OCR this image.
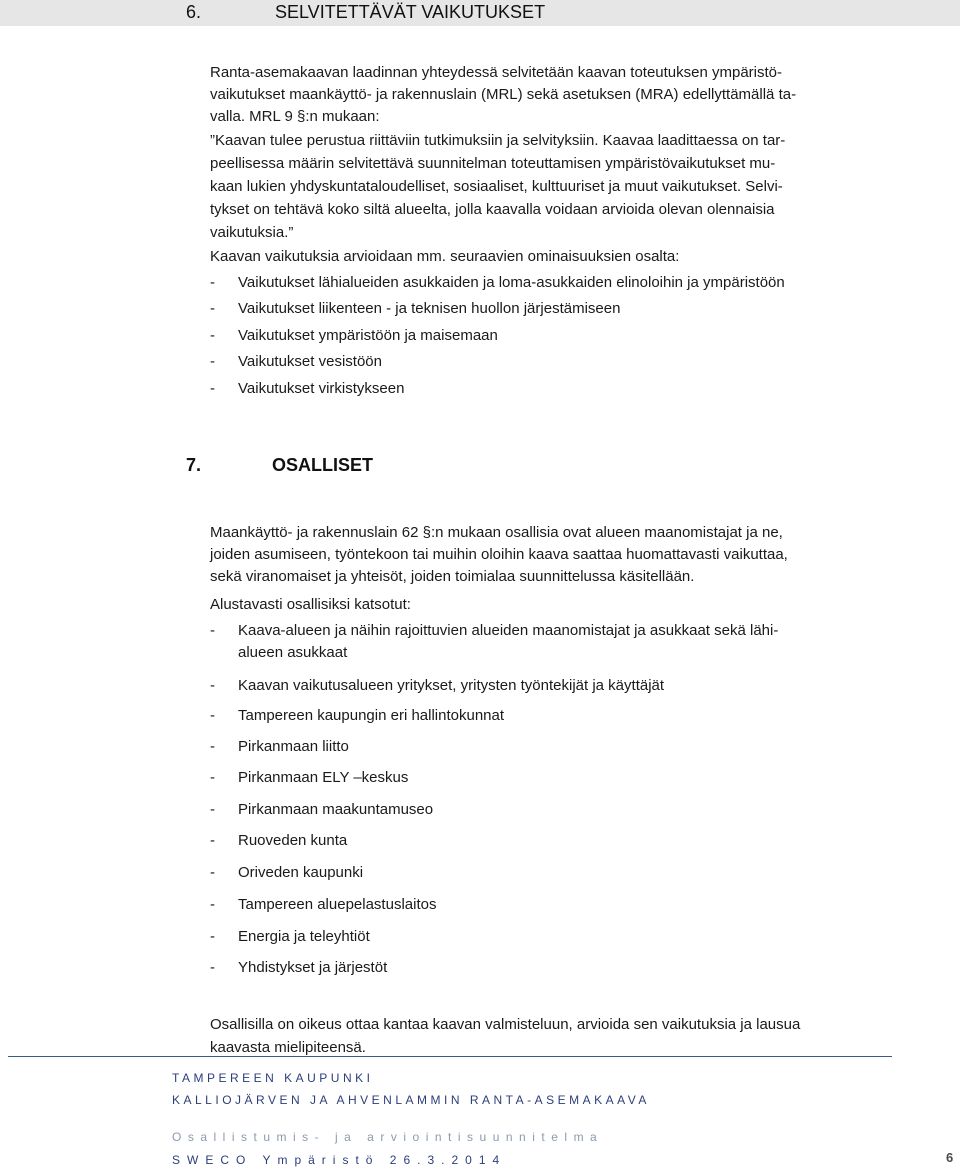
6.	SELVITETTÄVÄT VAIKUTUKSET
Ranta-asemakaavan laadinnan yhteydessä selvitetään kaavan toteutuksen ympäristö-
vaikutukset maankäyttö- ja rakennuslain (MRL) sekä asetuksen (MRA) edellyttämällä ta-
valla. MRL 9 §:n mukaan:
”Kaavan tulee perustua riittäviin tutkimuksiin ja selvityksiin. Kaavaa laadittaessa on tar-
peellisessa määrin selvitettävä suunnitelman toteuttamisen ympäristövaikutukset mu-
kaan lukien yhdyskuntataloudelliset, sosiaaliset, kulttuuriset ja muut vaikutukset. Selvi-
tykset on tehtävä koko siltä alueelta, jolla kaavalla voidaan arvioida olevan olennaisia
vaikutuksia.”
Kaavan vaikutuksia arvioidaan mm. seuraavien ominaisuuksien osalta:
- Vaikutukset lähialueiden asukkaiden ja loma-asukkaiden elinoloihin ja ympäristöön
- Vaikutukset liikenteen - ja teknisen huollon järjestämiseen
- Vaikutukset ympäristöön ja maisemaan
- Vaikutukset vesistöön
- Vaikutukset virkistykseen
7.	OSALLISET
Maankäyttö- ja rakennuslain 62 §:n mukaan osallisia ovat alueen maanomistajat ja ne,
joiden asumiseen, työntekoon tai muihin oloihin kaava saattaa huomattavasti vaikuttaa,
sekä viranomaiset ja yhteisöt, joiden toimialaa suunnittelussa käsitellään.
Alustavasti osallisiksi katsotut:
- Kaava-alueen ja näihin rajoittuvien alueiden maanomistajat ja asukkaat sekä lähi-
alueen asukkaat
- Kaavan vaikutusalueen yritykset, yritysten työntekijät ja käyttäjät
- Tampereen kaupungin eri hallintokunnat
- Pirkanmaan liitto
- Pirkanmaan ELY –keskus
- Pirkanmaan maakuntamuseo
- Ruoveden kunta
- Oriveden kaupunki
- Tampereen aluepelastuslaitos
- Energia ja teleyhtiöt
- Yhdistykset ja järjestöt
Osallisilla on oikeus ottaa kantaa kaavan valmisteluun, arvioida sen vaikutuksia ja lausua
kaavasta mielipiteensä.
TAMPEREEN KAUPUNKI
KALLIOJÄRVEN JA AHVENLAMMIN RANTA-ASEMAKAAVA
Osallistumis- ja arviointisuunnitelma
SWECO Ympäristö 26.3.2014	6
